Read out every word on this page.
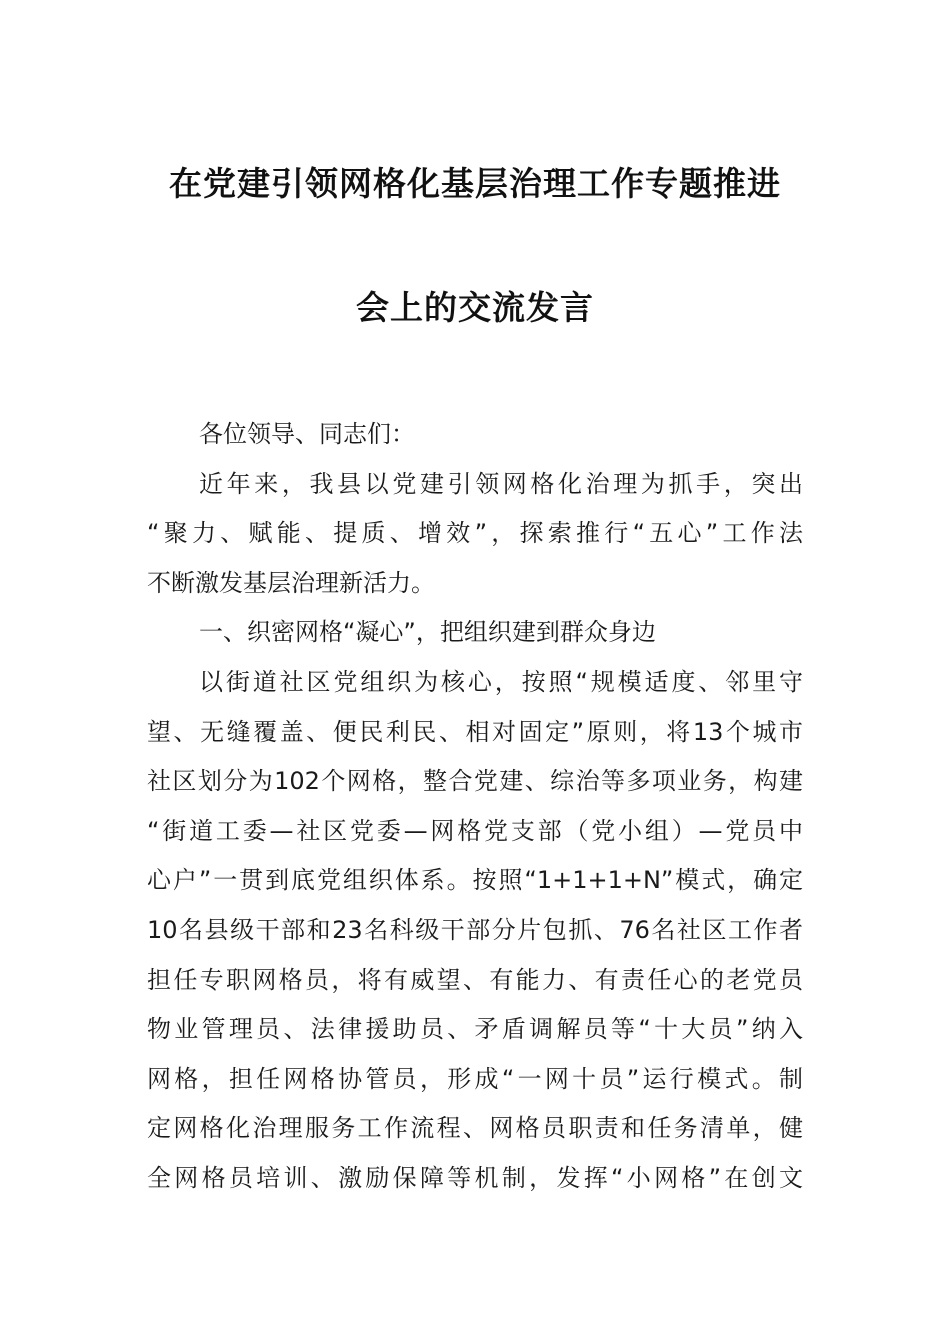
在党建引领网格化基层治理工作专题推进
会上的交流发言
各位领导、同志们：
近年来，我县以党建引领网格化治理为抓手，突出
“聚力、赋能、提质、增效”，探索推行“五心”工作法
不断激发基层治理新活力。
一、织密网格“凝心”，把组织建到群众身边
以街道社区党组织为核心，按照“规模适度、邻里守
望、无缝覆盖、便民利民、相对固定”原则，将13个城市
社区划分为102个网格，整合党建、综治等多项业务，构建
“街道工委—社区党委—网格党支部（党小组）—党员中
心户”一贯到底党组织体系。按照“1+1+1+N”模式，确定
10名县级干部和23名科级干部分片包抓、76名社区工作者
担任专职网格员，将有威望、有能力、有责任心的老党员
物业管理员、法律援助员、矛盾调解员等“十大员”纳入
网格，担任网格协管员，形成“一网十员”运行模式。制
定网格化治理服务工作流程、网格员职责和任务清单，健
全网格员培训、激励保障等机制，发挥“小网格”在创文
